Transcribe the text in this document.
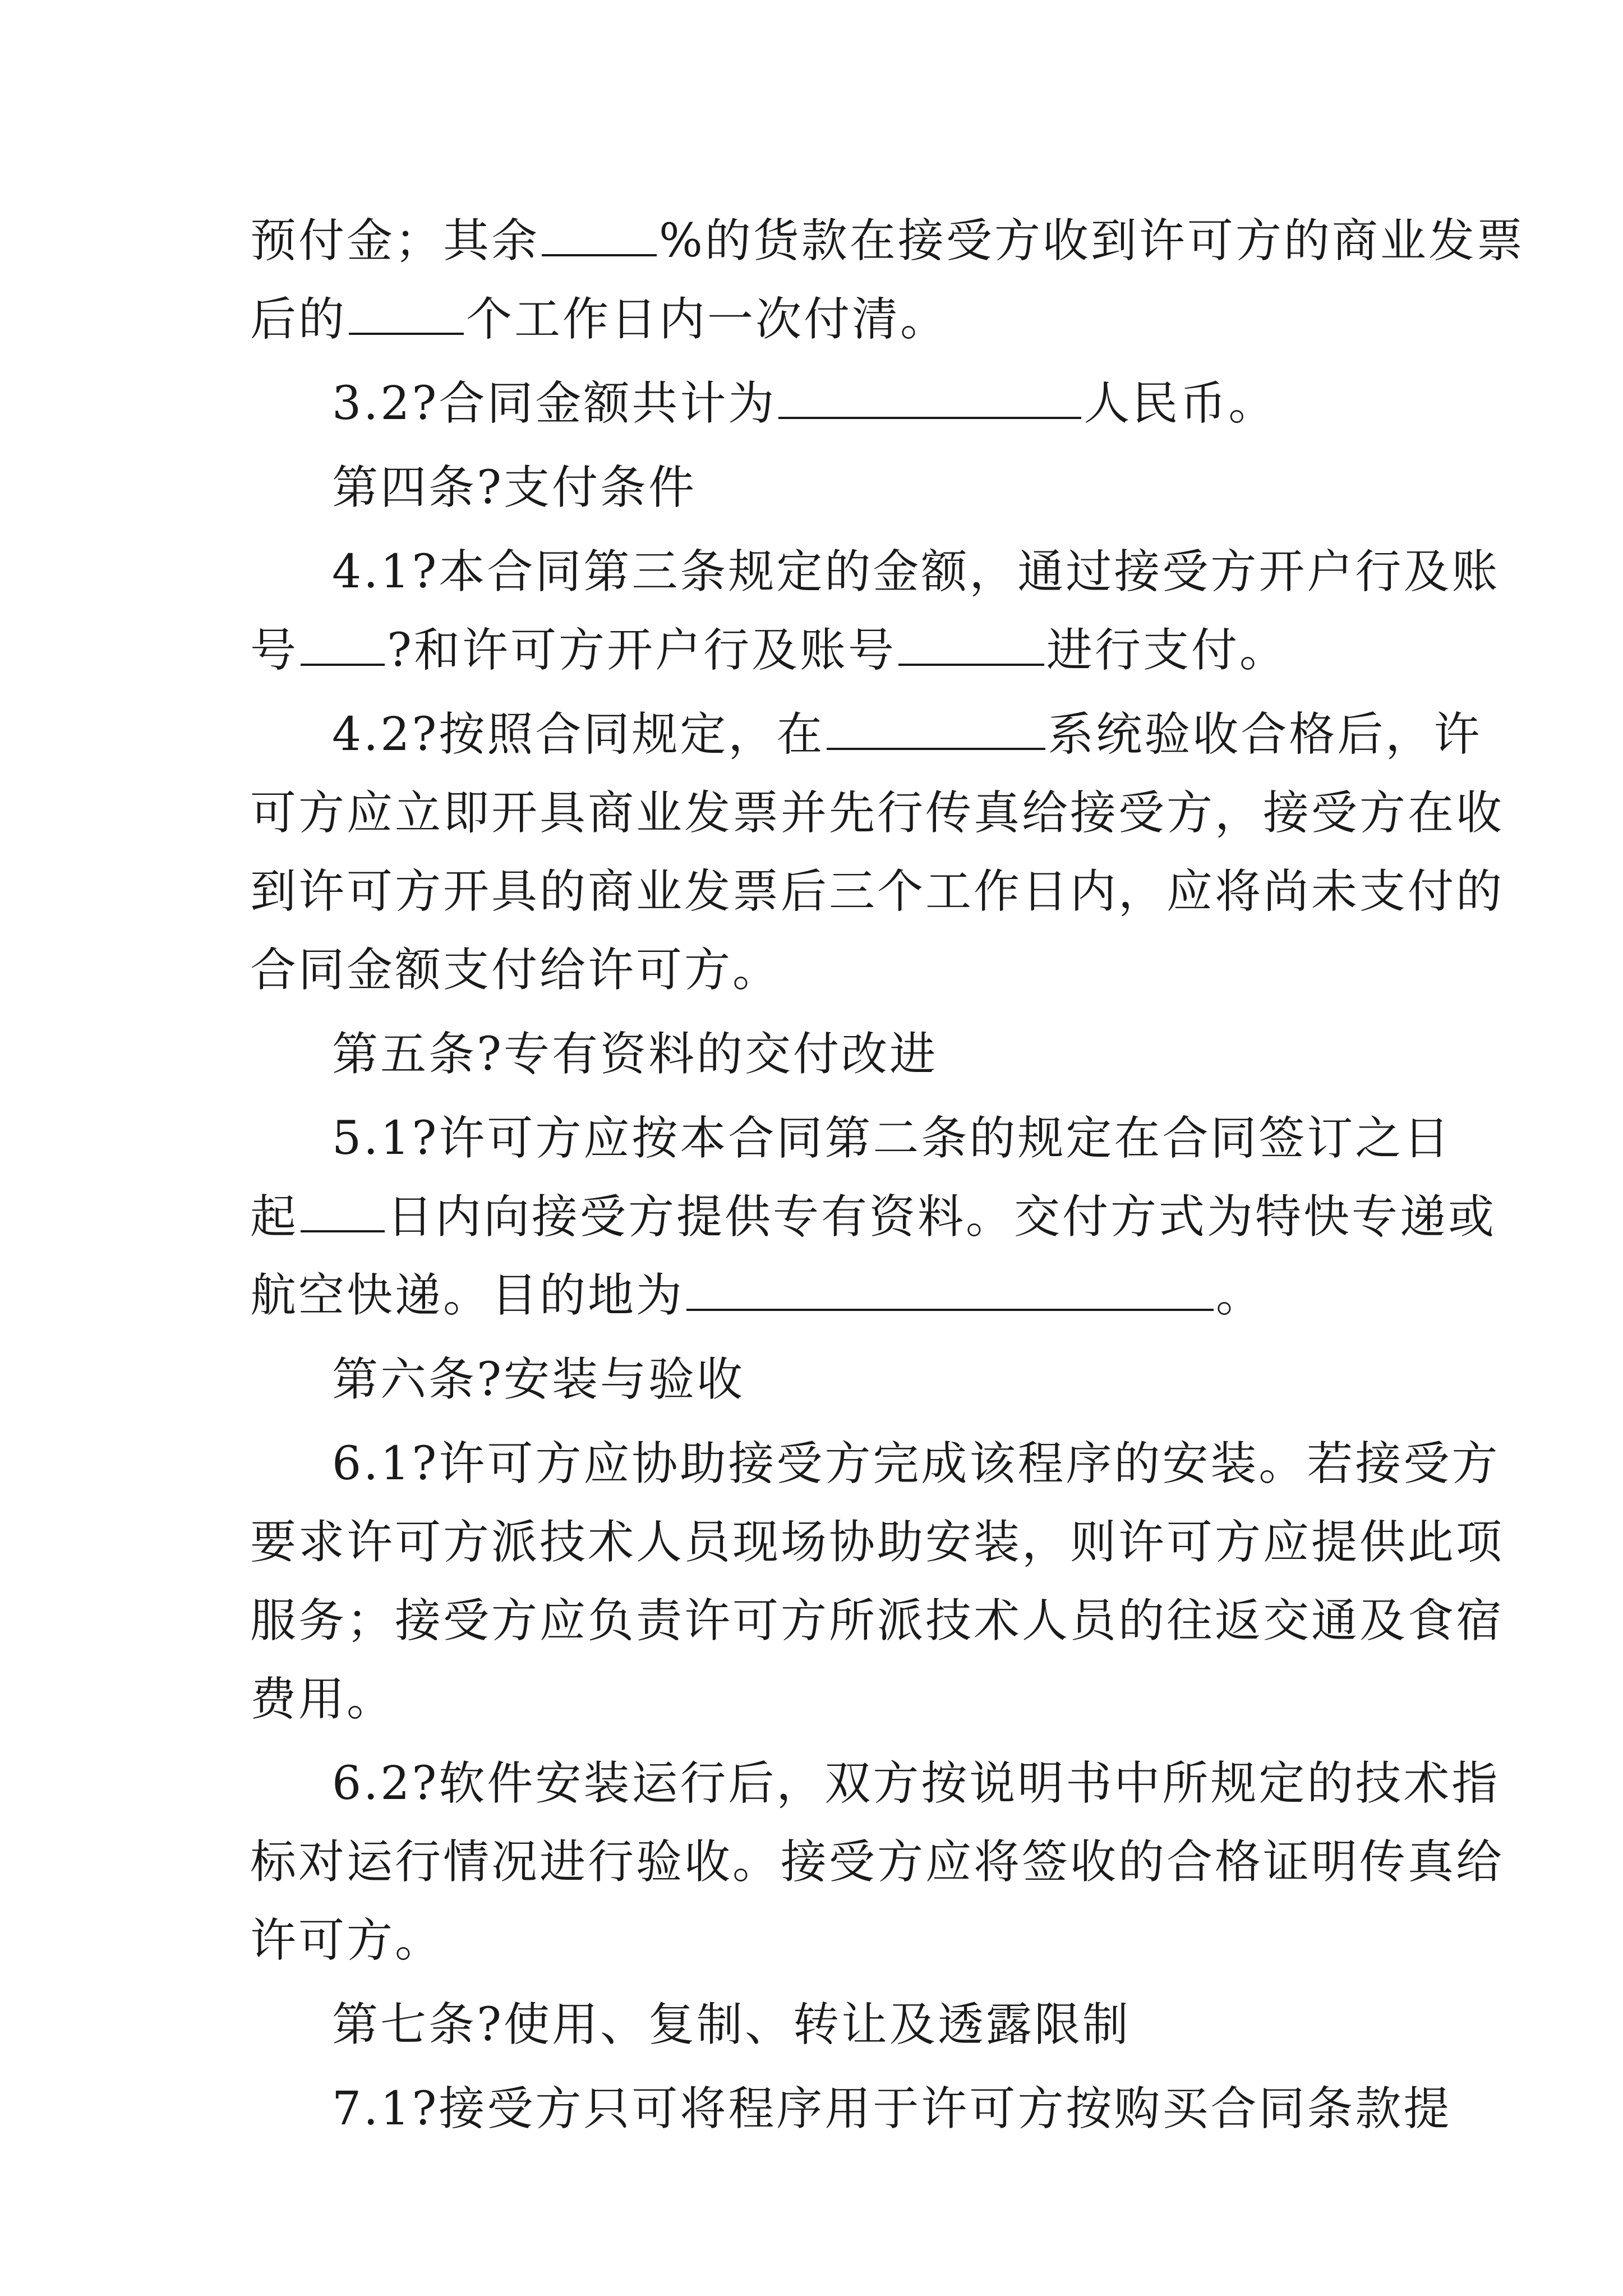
预付金；其余	%的货款在接受方收到许可方的商业发票
后的	个工作日内一次付清。
3.2?合同金额共计为	人民币。
第四条?支付条件
4.1?本合同第三条规定的金额，通过接受方开户行及账
号 ?和许可方开户行及账号	进行支付。
4.2?按照合同规定，在	系统验收合格后，许
可方应立即开具商业发票并先行传真给接受方，接受方在收
到许可方开具的商业发票后三个工作日内，应将尚未支付的
合同金额支付给许可方。
第五条?专有资料的交付改进
5.1?许可方应按本合同第二条的规定在合同签订之日
起 日内向接受方提供专有资料。交付方式为特快专递或
航空快递。目的地为	。
第六条?安装与验收
6.1?许可方应协助接受方完成该程序的安装。若接受方
要求许可方派技术人员现场协助安装，则许可方应提供此项
服务；接受方应负责许可方所派技术人员的往返交通及食宿
费用。
6.2?软件安装运行后，双方按说明书中所规定的技术指
标对运行情况进行验收。接受方应将签收的合格证明传真给
许可方。
第七条?使用、复制、转让及透露限制
7.1?接受方只可将程序用于许可方按购买合同条款提
